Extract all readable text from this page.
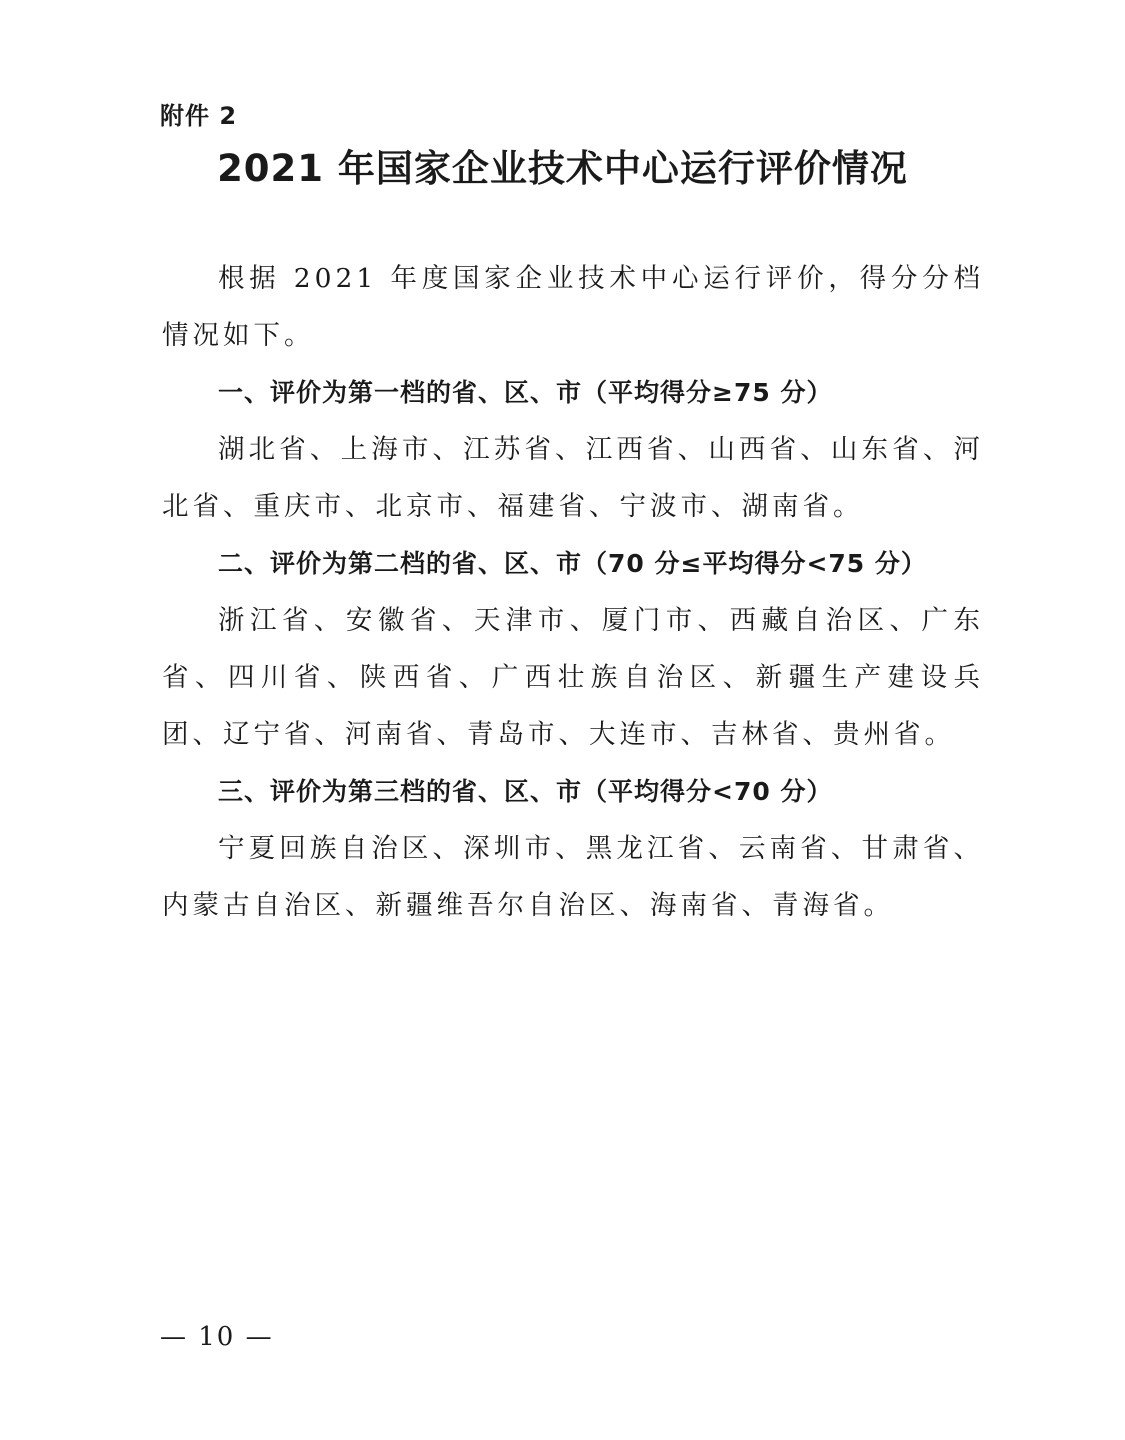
附件 2
2021 年国家企业技术中心运行评价情况

根据 2021 年度国家企业技术中心运行评价，得分分档情况如下。

一、评价为第一档的省、区、市（平均得分≥75 分）

湖北省、上海市、江苏省、江西省、山西省、山东省、河北省、重庆市、北京市、福建省、宁波市、湖南省。

二、评价为第二档的省、区、市（70 分≤平均得分<75 分）

浙江省、安徽省、天津市、厦门市、西藏自治区、广东省、四川省、陕西省、广西壮族自治区、新疆生产建设兵团、辽宁省、河南省、青岛市、大连市、吉林省、贵州省。

三、评价为第三档的省、区、市（平均得分<70 分）

宁夏回族自治区、深圳市、黑龙江省、云南省、甘肃省、内蒙古自治区、新疆维吾尔自治区、海南省、青海省。

— 10 —
